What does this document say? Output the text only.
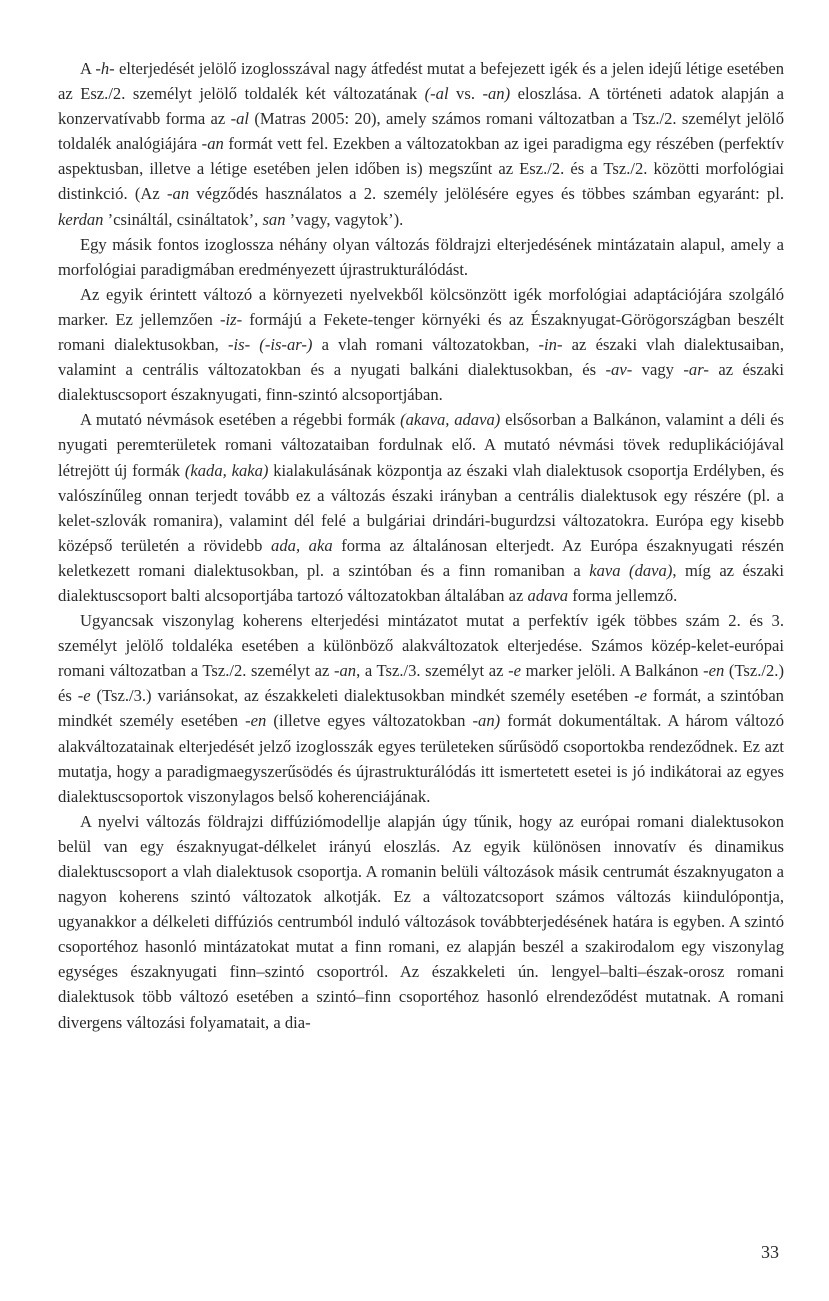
A -h- elterjedését jelölő izoglosszával nagy átfedést mutat a befejezett igék és a jelen idejű létige esetében az Esz./2. személyt jelölő toldalék két változatának (-al vs. -an) eloszlása. A történeti adatok alapján a konzervatívabb forma az -al (Matras 2005: 20), amely számos romani változatban a Tsz./2. személyt jelölő toldalék analógiájára -an formát vett fel. Ezekben a változatokban az igei paradigma egy részében (perfektív aspektusban, illetve a létige esetében jelen időben is) megszűnt az Esz./2. és a Tsz./2. közötti morfológiai distinkció. (Az -an végződés használatos a 2. személy jelölésére egyes és többes számban egyaránt: pl. kerdan ’csináltál, csináltatok’, san ’vagy, vagytok’).

Egy másik fontos izoglossza néhány olyan változás földrajzi elterjedésének mintázatain alapul, amely a morfológiai paradigmában eredményezett újrastrukturálódást.

Az egyik érintett változó a környezeti nyelvekből kölcsönzött igék morfológiai adaptációjára szolgáló marker. Ez jellemzően -iz- formájú a Fekete-tenger környéki és az Északnyugat-Görögországban beszélt romani dialektusokban, -is- (-is-ar-) a vlah romani változatokban, -in- az északi vlah dialektusaiban, valamint a centrális változatokban és a nyugati balkáni dialektusokban, és -av- vagy -ar- az északi dialektuscsoport északnyugati, finn-szintó alcsoportjában.

A mutató névmások esetében a régebbi formák (akava, adava) elsősorban a Balkánon, valamint a déli és nyugati peremterületek romani változataiban fordulnak elő. A mutató névmási tövek reduplikációjával létrejött új formák (kada, kaka) kialakulásának központja az északi vlah dialektusok csoportja Erdélyben, és valószínűleg onnan terjedt tovább ez a változás északi irányban a centrális dialektusok egy részére (pl. a kelet-szlovák romanira), valamint dél felé a bulgáriai drindári-bugurdzsi változatokra. Európa egy kisebb középső területén a rövidebb ada, aka forma az általánosan elterjedt. Az Európa északnyugati részén keletkezett romani dialektusokban, pl. a szintóban és a finn romaniban a kava (dava), míg az északi dialektuscsoport balti alcsoportjába tartozó változatokban általában az adava forma jellemző.

Ugyancsak viszonylag koherens elterjedési mintázatot mutat a perfektív igék többes szám 2. és 3. személyt jelölő toldaléka esetében a különböző alakváltozatok elterjedése. Számos közép-kelet-európai romani változatban a Tsz./2. személyt az -an, a Tsz./3. személyt az -e marker jelöli. A Balkánon -en (Tsz./2.) és -e (Tsz./3.) variánsokat, az északkeleti dialektusokban mindkét személy esetében -e formát, a szintóban mindkét személy esetében -en (illetve egyes változatokban -an) formát dokumentáltak. A három változó alakváltozatainak elterjedését jelző izoglosszák egyes területeken sűrűsödő csoportokba rendeződnek. Ez azt mutatja, hogy a paradigmaegyszerűsödés és újrastrukturálódás itt ismertetett esetei is jó indikátorai az egyes dialektuscsoportok viszonylagos belső koherenciájának.

A nyelvi változás földrajzi diffúziómodellje alapján úgy tűnik, hogy az európai romani dialektusokon belül van egy északnyugat-délkelet irányú eloszlás. Az egyik különösen innovatív és dinamikus dialektuscsoport a vlah dialektusok csoportja. A romanin belüli változások másik centrumát északnyugaton a nagyon koherens szintó változatok alkotják. Ez a változatcsoport számos változás kiindulópontja, ugyanakkor a délkeleti diffúziós centrumból induló változások továbbterjedésének határa is egyben. A szintó csoportéhoz hasonló mintázatokat mutat a finn romani, ez alapján beszél a szakirodalom egy viszonylag egységes északnyugati finn–szintó csoportról. Az északkeleti ún. lengyel–balti–észak-orosz romani dialektusok több változó esetében a szintó–finn csoportéhoz hasonló elrendeződést mutatnak. A romani divergens változási folyamatait, a dia-

33
